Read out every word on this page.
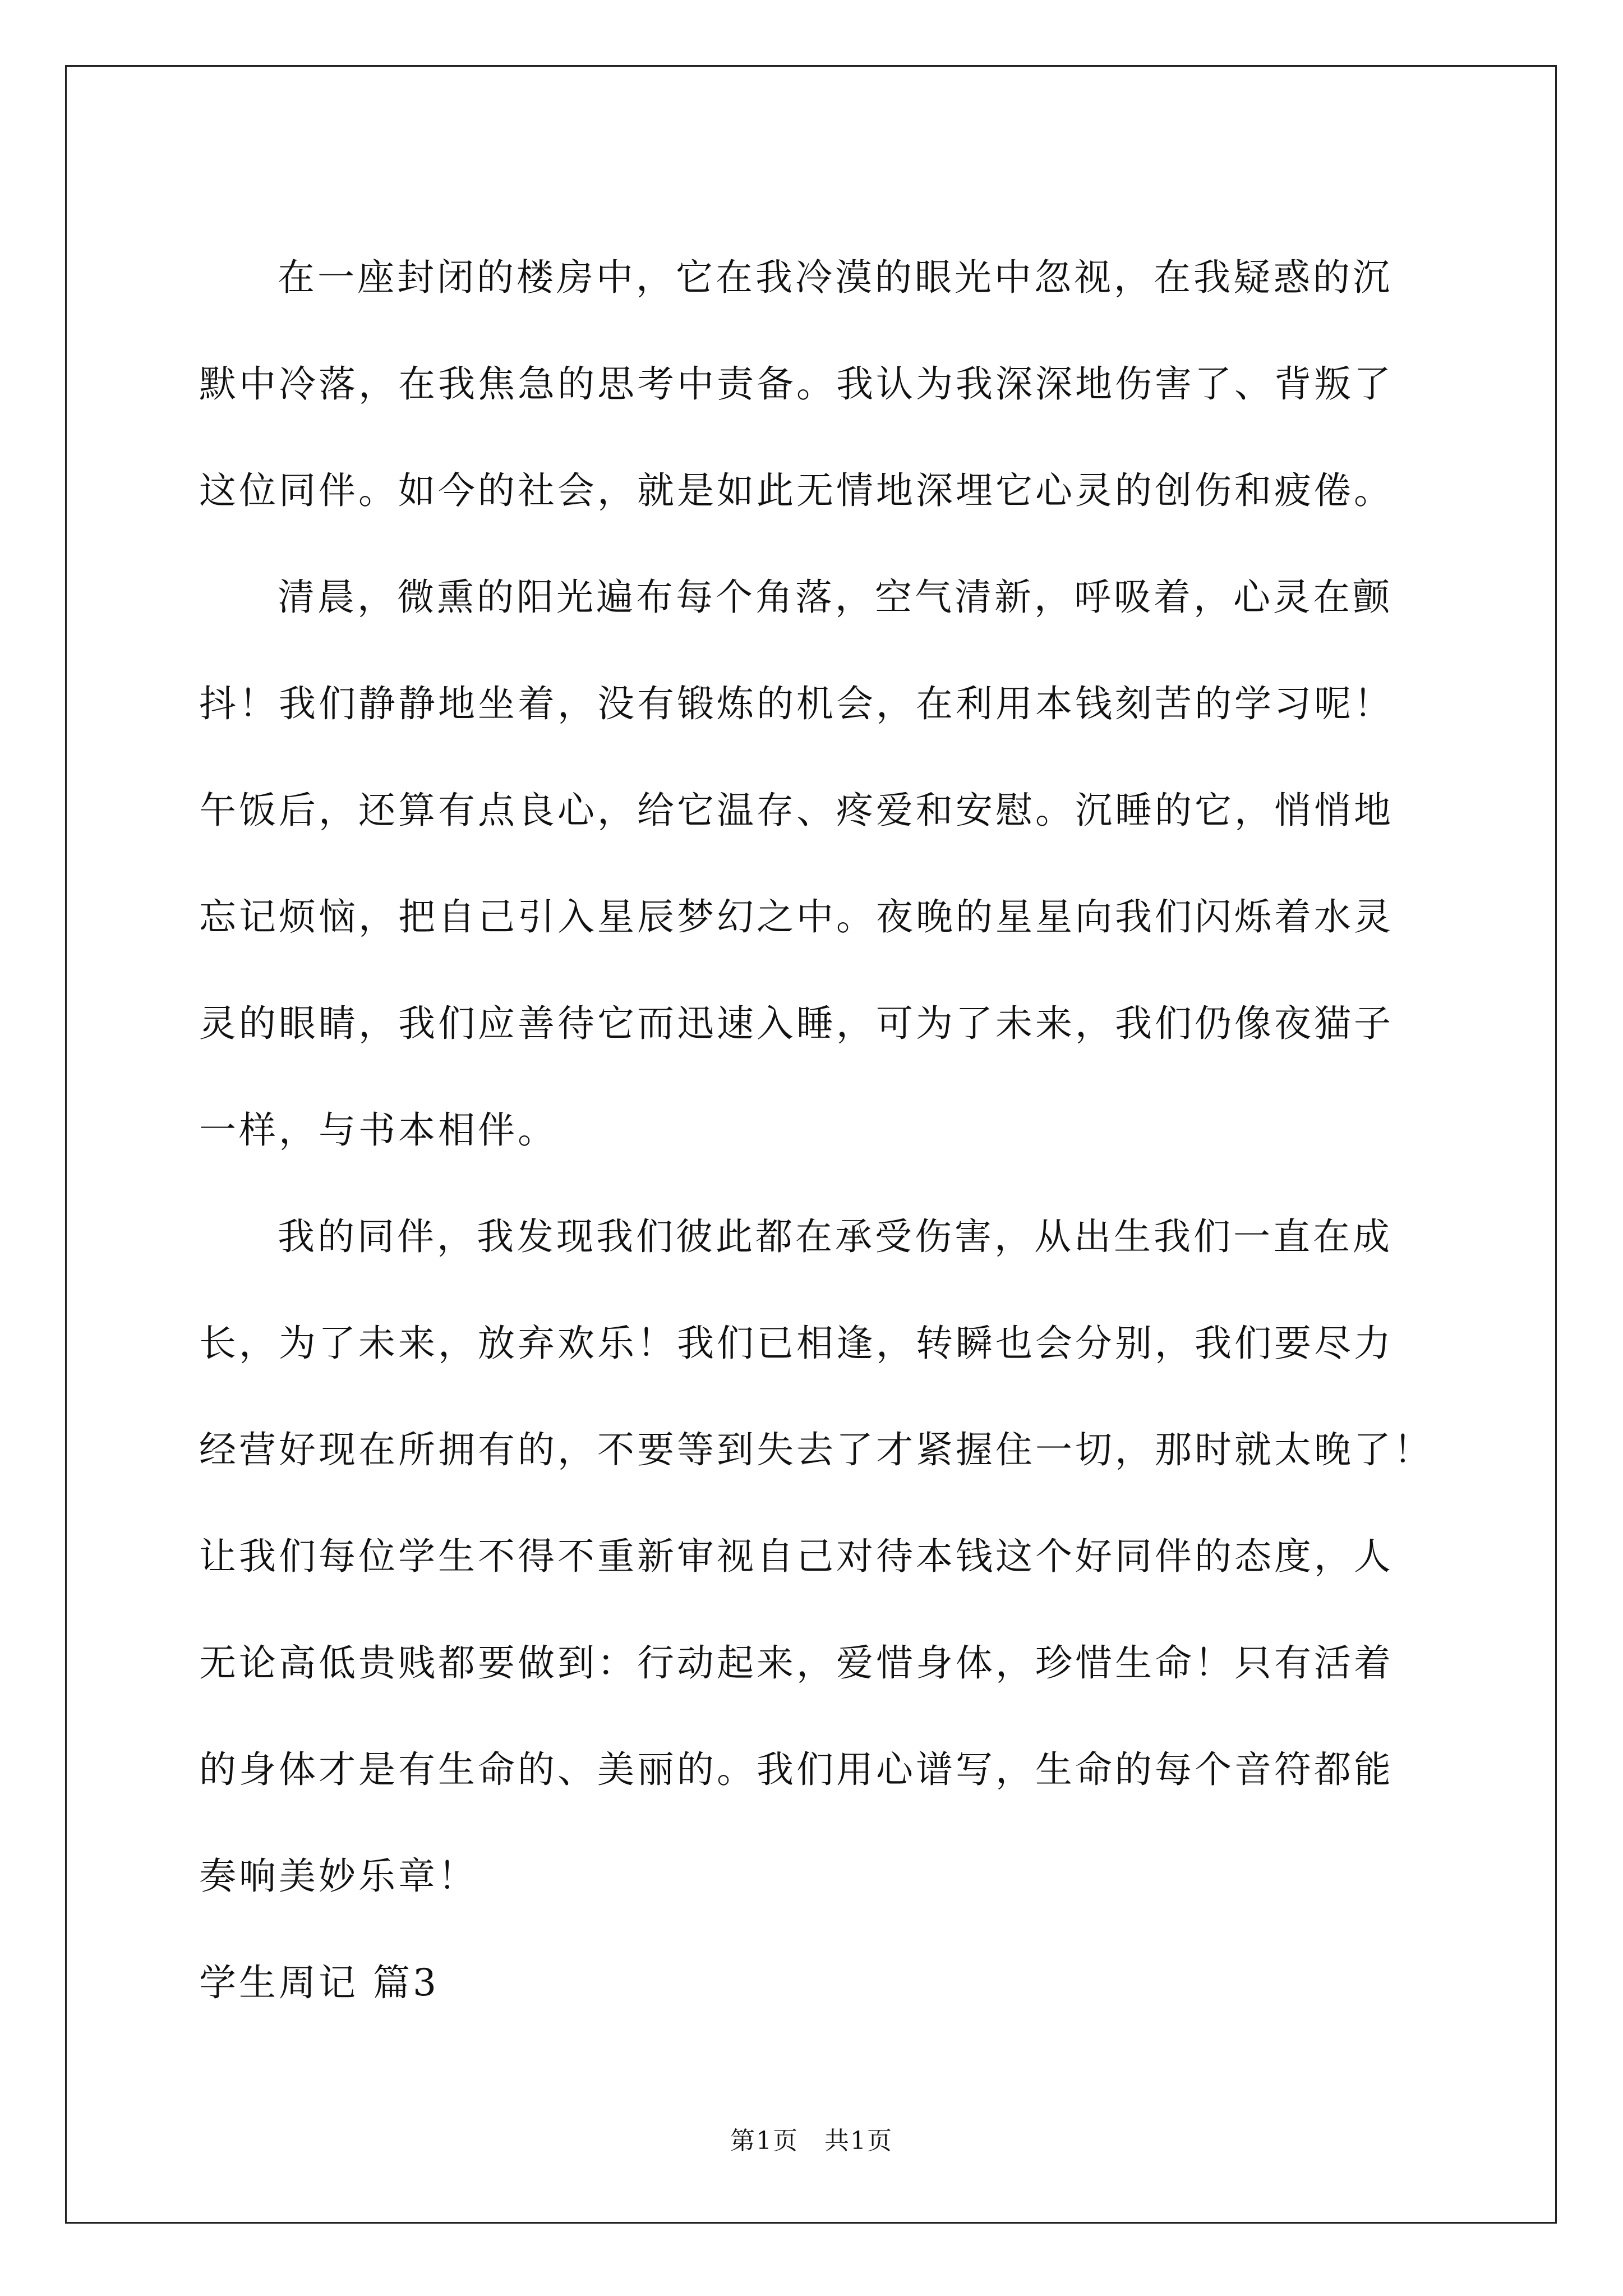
在一座封闭的楼房中，它在我冷漠的眼光中忽视，在我疑惑的沉
默中冷落，在我焦急的思考中责备。我认为我深深地伤害了、背叛了
这位同伴。如今的社会，就是如此无情地深埋它心灵的创伤和疲倦。
清晨，微熏的阳光遍布每个角落，空气清新，呼吸着，心灵在颤
抖！我们静静地坐着，没有锻炼的机会，在利用本钱刻苦的学习呢！
午饭后，还算有点良心，给它温存、疼爱和安慰。沉睡的它，悄悄地
忘记烦恼，把自己引入星辰梦幻之中。夜晚的星星向我们闪烁着水灵
灵的眼睛，我们应善待它而迅速入睡，可为了未来，我们仍像夜猫子
一样，与书本相伴。
我的同伴，我发现我们彼此都在承受伤害，从出生我们一直在成
长，为了未来，放弃欢乐！我们已相逢，转瞬也会分别，我们要尽力
经营好现在所拥有的，不要等到失去了才紧握住一切，那时就太晚了！
让我们每位学生不得不重新审视自己对待本钱这个好同伴的态度，人
无论高低贵贱都要做到：行动起来，爱惜身体，珍惜生命！只有活着
的身体才是有生命的、美丽的。我们用心谱写，生命的每个音符都能
奏响美妙乐章！
学生周记 篇3
第1页　共1页
